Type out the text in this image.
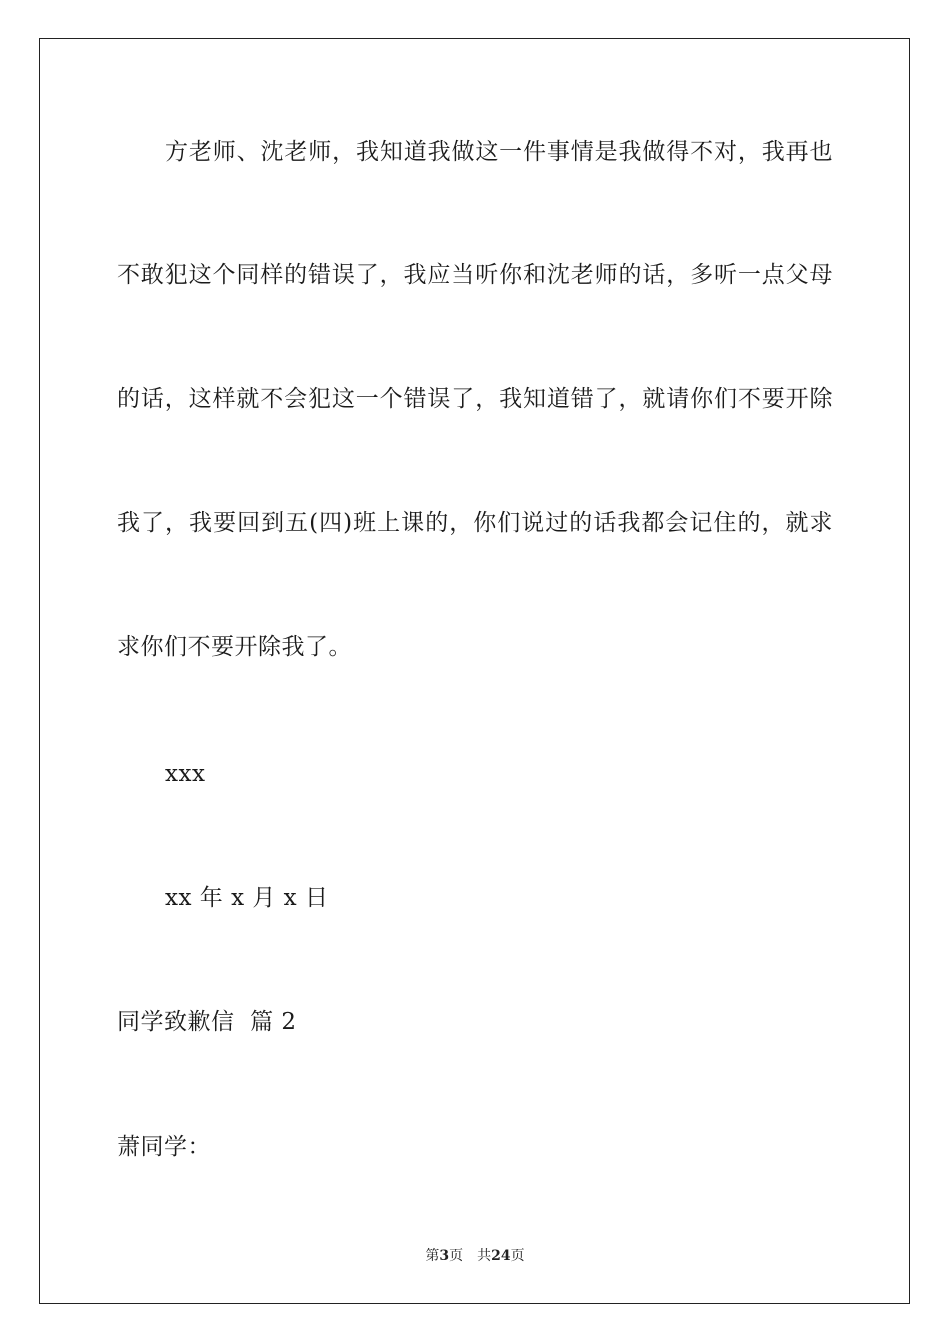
方老师、沈老师，我知道我做这一件事情是我做得不对，我再也
不敢犯这个同样的错误了，我应当听你和沈老师的话，多听一点父母
的话，这样就不会犯这一个错误了，我知道错了，就请你们不要开除
我了，我要回到五(四)班上课的，你们说过的话我都会记住的，就求
求你们不要开除我了。
xxx
xx 年 x 月 x 日
同学致歉信  篇 2
萧同学：
第3页 共24页
